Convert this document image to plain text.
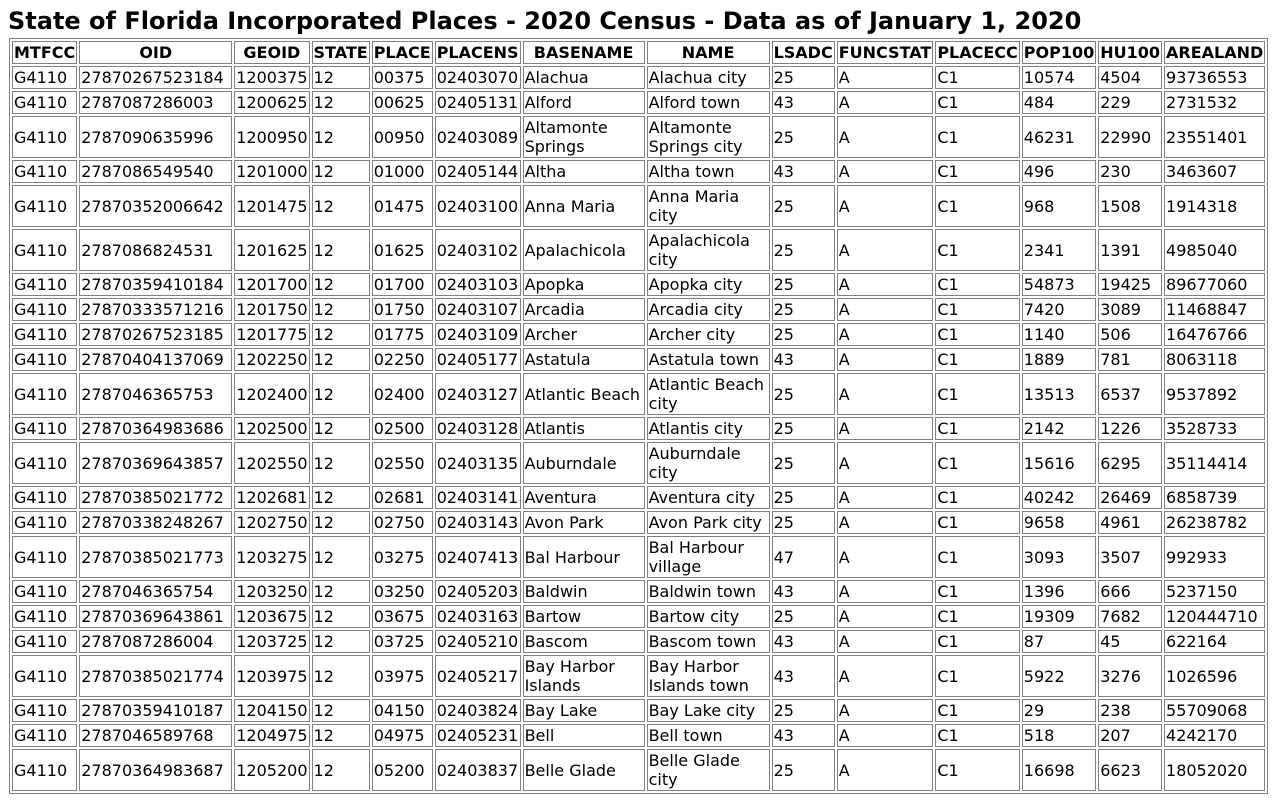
State of Florida Incorporated Places - 2020 Census - Data as of January 1, 2020
MTFCC	OID	GEOID	STATE	PLACE	PLACENS	BASENAME	NAME	LSADC	FUNCSTAT	PLACECC	POP100	HU100	AREALAND
G4110	27870267523184	1200375	12	00375	02403070	Alachua	Alachua city	25	A	C1	10574	4504	93736553
G4110	2787087286003	1200625	12	00625	02405131	Alford	Alford town	43	A	C1	484	229	2731532
G4110	2787090635996	1200950	12	00950	02403089	Altamonte Springs	Altamonte Springs city	25	A	C1	46231	22990	23551401
G4110	2787086549540	1201000	12	01000	02405144	Altha	Altha town	43	A	C1	496	230	3463607
G4110	27870352006642	1201475	12	01475	02403100	Anna Maria	Anna Maria city	25	A	C1	968	1508	1914318
G4110	2787086824531	1201625	12	01625	02403102	Apalachicola	Apalachicola city	25	A	C1	2341	1391	4985040
G4110	27870359410184	1201700	12	01700	02403103	Apopka	Apopka city	25	A	C1	54873	19425	89677060
G4110	27870333571216	1201750	12	01750	02403107	Arcadia	Arcadia city	25	A	C1	7420	3089	11468847
G4110	27870267523185	1201775	12	01775	02403109	Archer	Archer city	25	A	C1	1140	506	16476766
G4110	27870404137069	1202250	12	02250	02405177	Astatula	Astatula town	43	A	C1	1889	781	8063118
G4110	2787046365753	1202400	12	02400	02403127	Atlantic Beach	Atlantic Beach city	25	A	C1	13513	6537	9537892
G4110	27870364983686	1202500	12	02500	02403128	Atlantis	Atlantis city	25	A	C1	2142	1226	3528733
G4110	27870369643857	1202550	12	02550	02403135	Auburndale	Auburndale city	25	A	C1	15616	6295	35114414
G4110	27870385021772	1202681	12	02681	02403141	Aventura	Aventura city	25	A	C1	40242	26469	6858739
G4110	27870338248267	1202750	12	02750	02403143	Avon Park	Avon Park city	25	A	C1	9658	4961	26238782
G4110	27870385021773	1203275	12	03275	02407413	Bal Harbour	Bal Harbour village	47	A	C1	3093	3507	992933
G4110	2787046365754	1203250	12	03250	02405203	Baldwin	Baldwin town	43	A	C1	1396	666	5237150
G4110	27870369643861	1203675	12	03675	02403163	Bartow	Bartow city	25	A	C1	19309	7682	120444710
G4110	2787087286004	1203725	12	03725	02405210	Bascom	Bascom town	43	A	C1	87	45	622164
G4110	27870385021774	1203975	12	03975	02405217	Bay Harbor Islands	Bay Harbor Islands town	43	A	C1	5922	3276	1026596
G4110	27870359410187	1204150	12	04150	02403824	Bay Lake	Bay Lake city	25	A	C1	29	238	55709068
G4110	2787046589768	1204975	12	04975	02405231	Bell	Bell town	43	A	C1	518	207	4242170
G4110	27870364983687	1205200	12	05200	02403837	Belle Glade	Belle Glade city	25	A	C1	16698	6623	18052020
